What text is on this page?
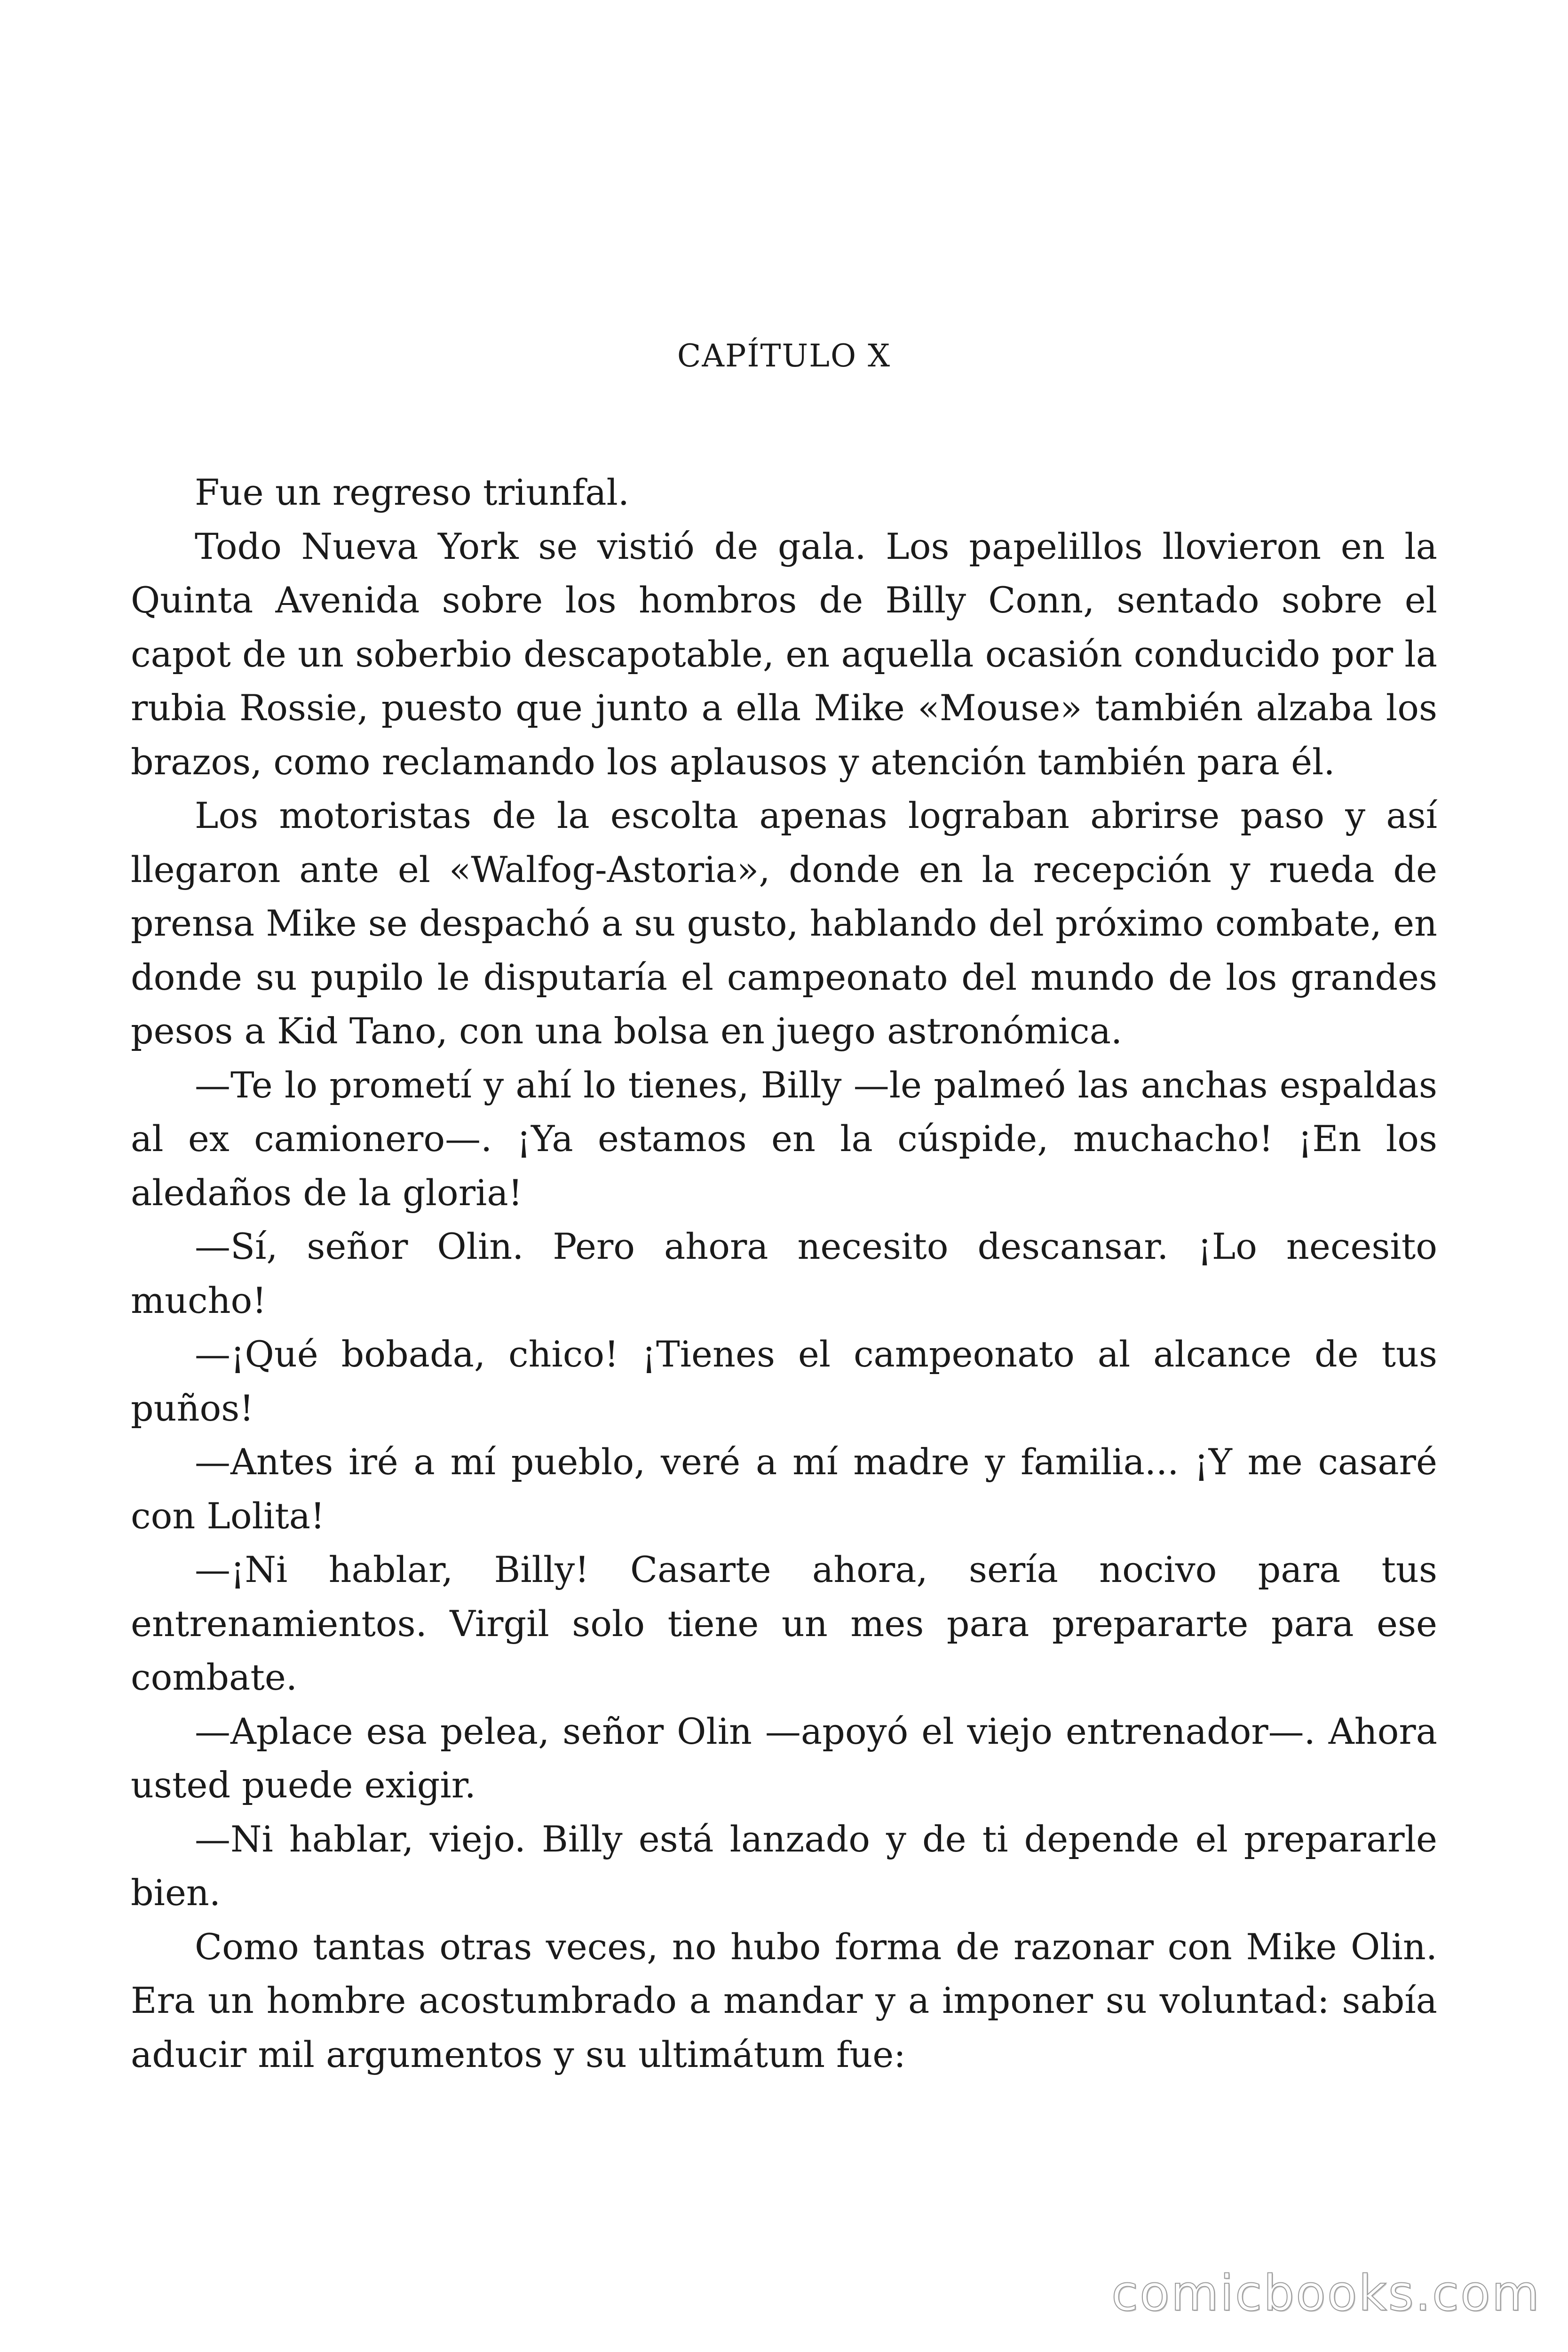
CAPÍTULO X

Fue un regreso triunfal.

Todo Nueva York se vistió de gala. Los papelillos llovieron en la Quinta Avenida sobre los hombros de Billy Conn, sentado sobre el capot de un soberbio descapotable, en aquella ocasión conducido por la rubia Rossie, puesto que junto a ella Mike «Mouse» también alzaba los brazos, como reclamando los aplausos y atención también para él.

Los motoristas de la escolta apenas lograban abrirse paso y así llegaron ante el «Walfog-Astoria», donde en la recepción y rueda de prensa Mike se despachó a su gusto, hablando del próximo combate, en donde su pupilo le disputaría el campeonato del mundo de los grandes pesos a Kid Tano, con una bolsa en juego astronómica.

—Te lo prometí y ahí lo tienes, Billy —le palmeó las anchas espaldas al ex camionero—. ¡Ya estamos en la cúspide, muchacho! ¡En los aledaños de la gloria!

—Sí, señor Olin. Pero ahora necesito descansar. ¡Lo necesito mucho!

—¡Qué bobada, chico! ¡Tienes el campeonato al alcance de tus puños!

—Antes iré a mí pueblo, veré a mí madre y familia... ¡Y me casaré con Lolita!

—¡Ni hablar, Billy! Casarte ahora, sería nocivo para tus entrenamientos. Virgil solo tiene un mes para prepararte para ese combate.

—Aplace esa pelea, señor Olin —apoyó el viejo entrenador—. Ahora usted puede exigir.

—Ni hablar, viejo. Billy está lanzado y de ti depende el prepararle bien.

Como tantas otras veces, no hubo forma de razonar con Mike Olin. Era un hombre acostumbrado a mandar y a imponer su voluntad: sabía aducir mil argumentos y su ultimátum fue:

comicbooks.com
